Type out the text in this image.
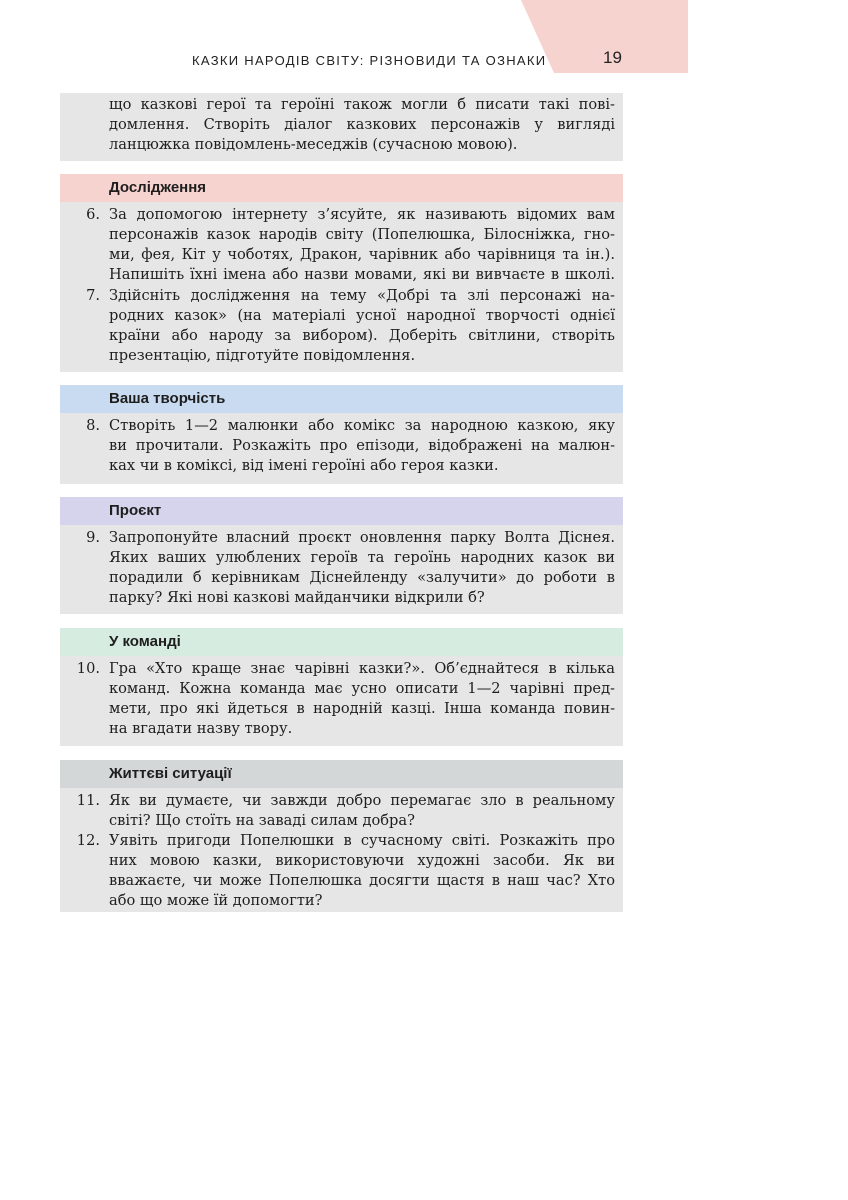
КАЗКИ НАРОДІВ СВІТУ: РІЗНОВИДИ ТА ОЗНАКИ	19
що казкові герої та героїні також могли б писати такі пові-
домлення. Створіть діалог казкових персонажів у вигляді
ланцюжка повідомлень-меседжів (сучасною мовою).
Дослідження
6. За допомогою інтернету з’ясуйте, як називають відомих вам
персонажів казок народів світу (Попелюшка, Білосніжка, гно-
ми, фея, Кіт у чоботях, Дракон, чарівник або чарівниця та ін.).
Напишіть їхні імена або назви мовами, які ви вивчаєте в школі.
7. Здійсніть дослідження на тему «Добрі та злі персонажі на-
родних казок» (на матеріалі усної народної творчості однієї
країни або народу за вибором). Доберіть світлини, створіть
презентацію, підготуйте повідомлення.
Ваша творчість
8. Створіть 1—2 малюнки або комікс за народною казкою, яку
ви прочитали. Розкажіть про епізоди, відображені на малюн-
ках чи в коміксі, від імені героїні або героя казки.
Проєкт
9. Запропонуйте власний проєкт оновлення парку Волта Діснея.
Яких ваших улюблених героїв та героїнь народних казок ви
порадили б керівникам Діснейленду «залучити» до роботи в
парку? Які нові казкові майданчики відкрили б?
У команді
10. Гра «Хто краще знає чарівні казки?». Об’єднайтеся в кілька
команд. Кожна команда має усно описати 1—2 чарівні пред-
мети, про які йдеться в народній казці. Інша команда повин-
на вгадати назву твору.
Життєві ситуації
11. Як ви думаєте, чи завжди добро перемагає зло в реальному
світі? Що стоїть на заваді силам добра?
12. Уявіть пригоди Попелюшки в сучасному світі. Розкажіть про
них мовою казки, використовуючи художні засоби. Як ви
вважаєте, чи може Попелюшка досягти щастя в наш час? Хто
або що може їй допомогти?
